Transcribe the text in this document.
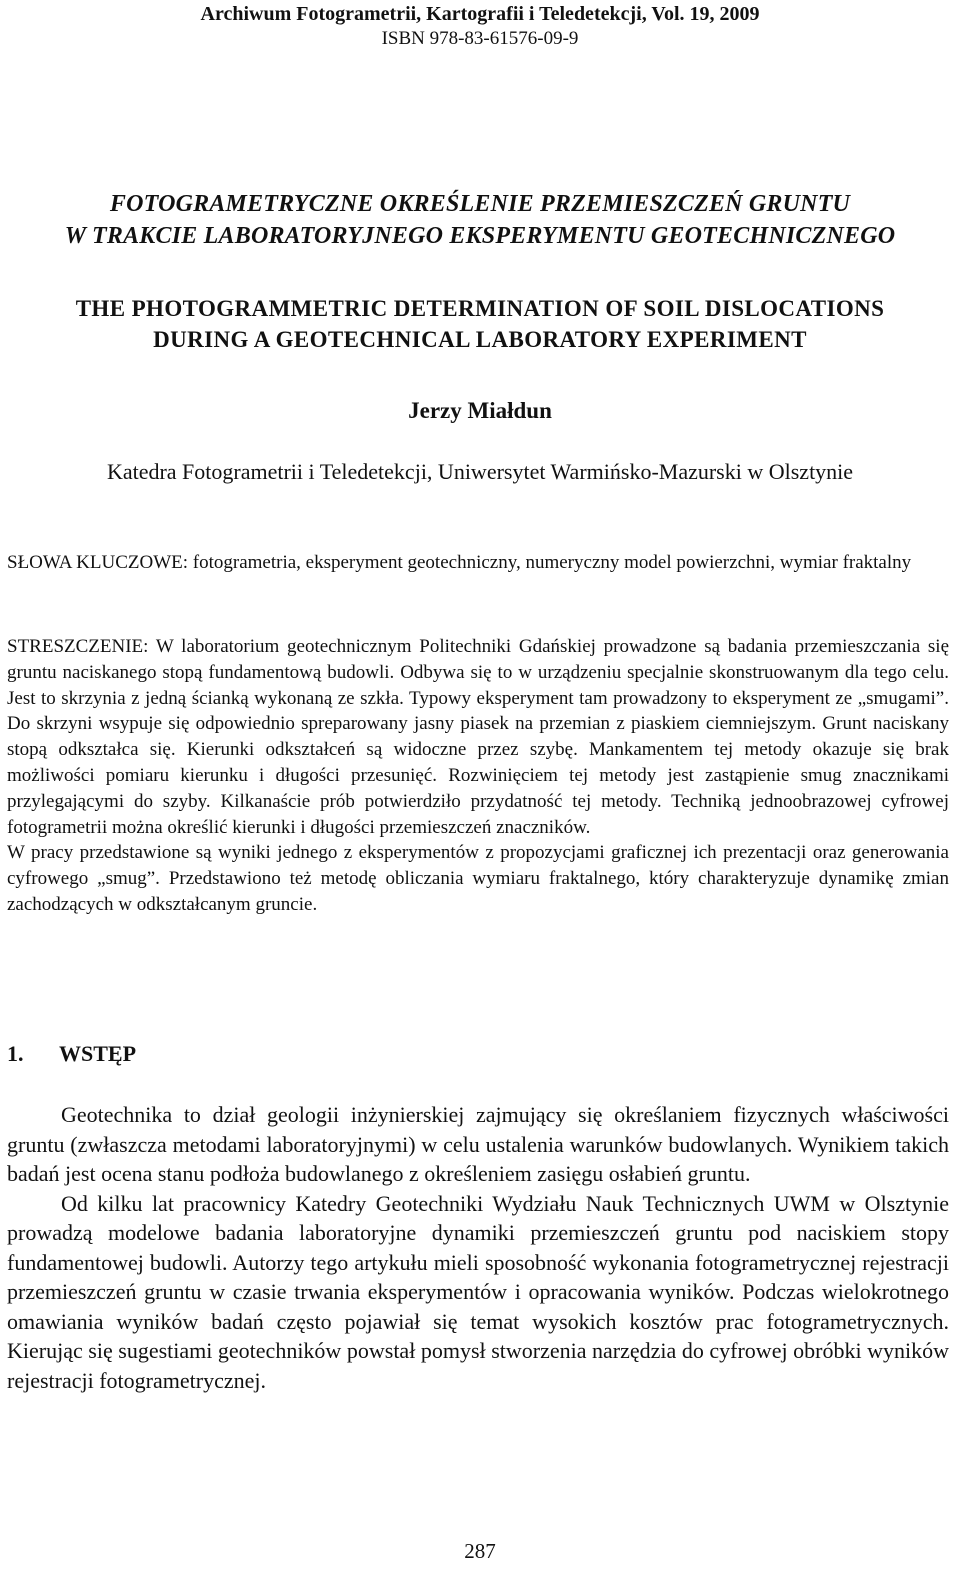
Archiwum Fotogrametrii, Kartografii i Teledetekcji, Vol. 19, 2009
ISBN 978-83-61576-09-9
FOTOGRAMETRYCZNE OKREŚLENIE PRZEMIESZCZEŃ GRUNTU
W TRAKCIE LABORATORYJNEGO EKSPERYMENTU GEOTECHNICZNEGO
THE PHOTOGRAMMETRIC DETERMINATION OF SOIL DISLOCATIONS
DURING A GEOTECHNICAL LABORATORY EXPERIMENT
Jerzy Miałdun
Katedra Fotogrametrii i Teledetekcji, Uniwersytet Warmińsko-Mazurski w Olsztynie
SŁOWA KLUCZOWE: fotogrametria, eksperyment geotechniczny, numeryczny model powierzchni, wymiar fraktalny

STRESZCZENIE: W laboratorium geotechnicznym Politechniki Gdańskiej prowadzone są badania przemieszczania się gruntu naciskanego stopą fundamentową budowli. Odbywa się to w urządzeniu specjalnie skonstruowanym dla tego celu. Jest to skrzynia z jedną ścianką wykonaną ze szkła. Typowy eksperyment tam prowadzony to eksperyment ze „smugami”. Do skrzyni wsypuje się odpowiednio spreparowany jasny piasek na przemian z piaskiem ciemniejszym. Grunt naciskany stopą odkształca się. Kierunki odkształceń są widoczne przez szybę. Mankamentem tej metody okazuje się brak możliwości pomiaru kierunku i długości przesunięć. Rozwinięciem tej metody jest zastąpienie smug znacznikami przylegającymi do szyby. Kilkanaście prób potwierdziło przydatność tej metody. Techniką jednoobrazowej cyfrowej fotogrametrii można określić kierunki i długości przemieszczeń znaczników.

W pracy przedstawione są wyniki jednego z eksperymentów z propozycjami graficznej ich prezentacji oraz generowania cyfrowego „smug”. Przedstawiono też metodę obliczania wymiaru fraktalnego, który charakteryzuje dynamikę zmian zachodzących w odkształcanym gruncie.

1. WSTĘP

Geotechnika to dział geologii inżynierskiej zajmujący się określaniem fizycznych właściwości gruntu (zwłaszcza metodami laboratoryjnymi) w celu ustalenia warunków budowlanych. Wynikiem takich badań jest ocena stanu podłoża budowlanego z określeniem zasięgu osłabień gruntu.

Od kilku lat pracownicy Katedry Geotechniki Wydziału Nauk Technicznych UWM w Olsztynie prowadzą modelowe badania laboratoryjne dynamiki przemieszczeń gruntu pod naciskiem stopy fundamentowej budowli. Autorzy tego artykułu mieli sposobność wykonania fotogrametrycznej rejestracji przemieszczeń gruntu w czasie trwania eksperymentów i opracowania wyników. Podczas wielokrotnego omawiania wyników badań często pojawiał się temat wysokich kosztów prac fotogrametrycznych. Kierując się sugestiami geotechników powstał pomysł stworzenia narzędzia do cyfrowej obróbki wyników rejestracji fotogrametrycznej.

287
